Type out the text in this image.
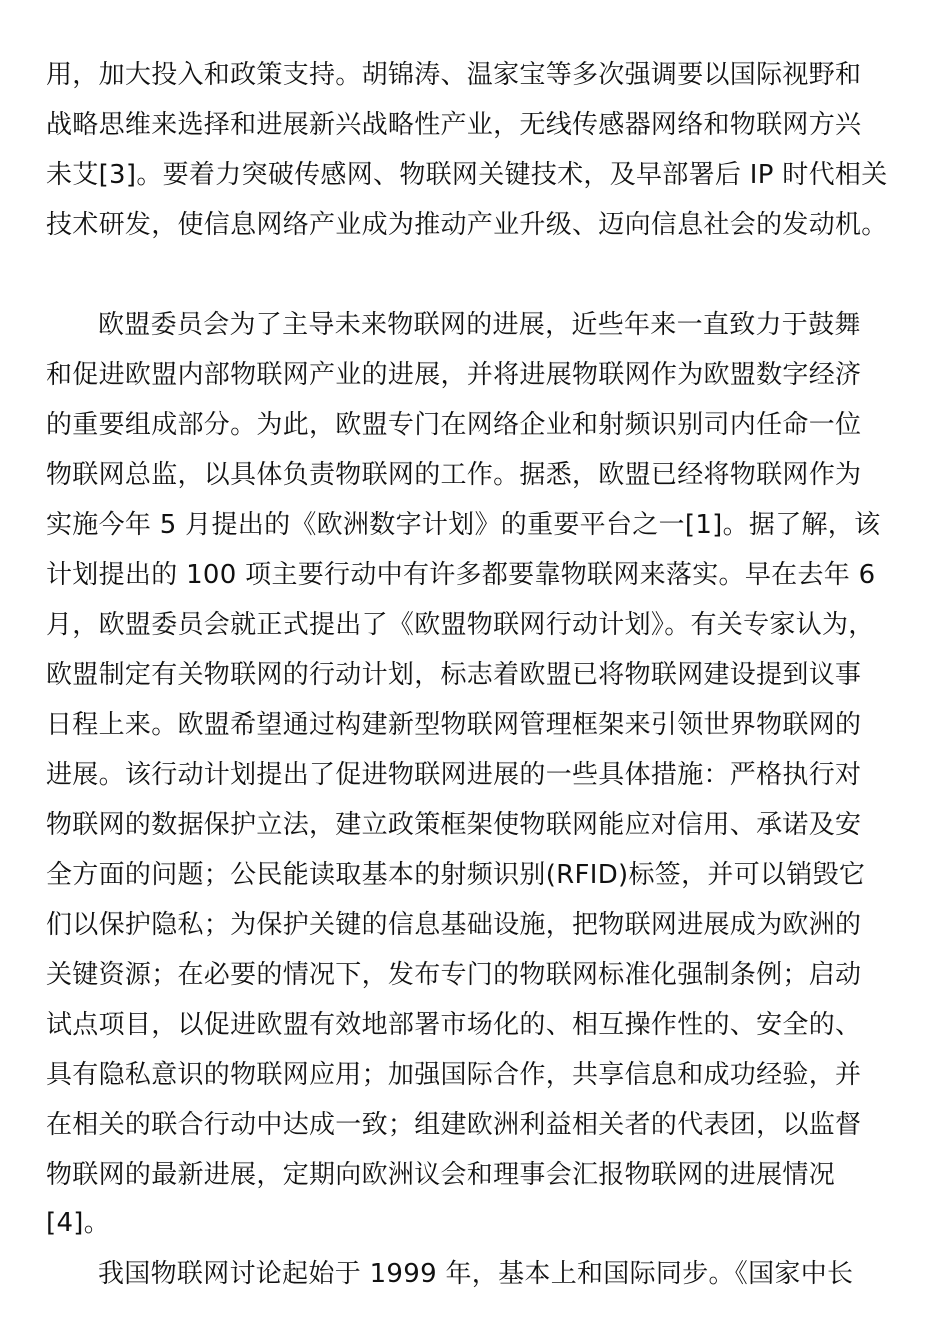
用，加大投入和政策支持。胡锦涛、温家宝等多次强调要以国际视野和
战略思维来选择和进展新兴战略性产业，无线传感器网络和物联网方兴
未艾[3]。要着力突破传感网、物联网关键技术，及早部署后 IP 时代相关
技术研发，使信息网络产业成为推动产业升级、迈向信息社会的发动机。
欧盟委员会为了主导未来物联网的进展，近些年来一直致力于鼓舞
和促进欧盟内部物联网产业的进展，并将进展物联网作为欧盟数字经济
的重要组成部分。为此，欧盟专门在网络企业和射频识别司内任命一位
物联网总监，以具体负责物联网的工作。据悉，欧盟已经将物联网作为
实施今年 5 月提出的《欧洲数字计划》的重要平台之一[1]。据了解，该
计划提出的 100 项主要行动中有许多都要靠物联网来落实。早在去年 6
月，欧盟委员会就正式提出了《欧盟物联网行动计划》。有关专家认为，
欧盟制定有关物联网的行动计划，标志着欧盟已将物联网建设提到议事
日程上来。欧盟希望通过构建新型物联网管理框架来引领世界物联网的
进展。该行动计划提出了促进物联网进展的一些具体措施：严格执行对
物联网的数据保护立法，建立政策框架使物联网能应对信用、承诺及安
全方面的问题；公民能读取基本的射频识别(RFID)标签，并可以销毁它
们以保护隐私；为保护关键的信息基础设施，把物联网进展成为欧洲的
关键资源；在必要的情况下，发布专门的物联网标准化强制条例；启动
试点项目，以促进欧盟有效地部署市场化的、相互操作性的、安全的、
具有隐私意识的物联网应用；加强国际合作，共享信息和成功经验，并
在相关的联合行动中达成一致；组建欧洲利益相关者的代表团，以监督
物联网的最新进展，定期向欧洲议会和理事会汇报物联网的进展情况
[4]。
我国物联网讨论起始于 1999 年，基本上和国际同步。《国家中长
